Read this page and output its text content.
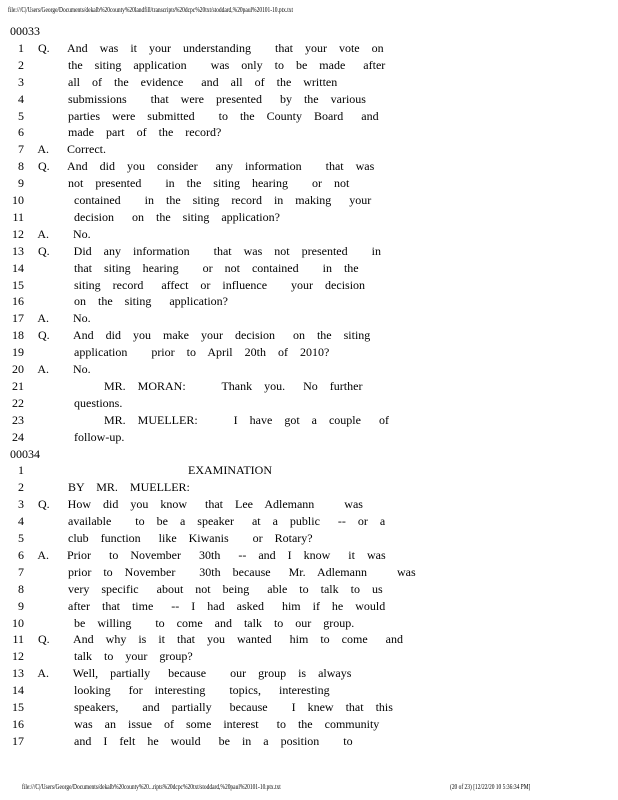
file:///C|/Users/George/Documents/dekalb%20county%20landfill/transcripts%20dcpc%20txt/stoddard,%20paul%20101-10.ptx.txt
00033
1 Q.   And  was  it  your  understanding    that  your  vote  on
2 the  siting  application    was  only  to  be  made   after
3 all  of  the  evidence   and  all  of  the  written
4 submissions    that  were  presented   by  the  various
5 parties  were  submitted    to  the  County  Board   and
6 made  part  of  the  record?
7 A.   Correct.
8 Q.   And  did  you  consider   any  information    that  was
9 not  presented    in  the  siting  hearing    or  not
10 contained    in  the  siting  record  in  making   your
11 decision   on  the  siting  application?
12 A.    No.
13 Q.    Did  any  information    that  was  not  presented    in
14 that  siting  hearing    or  not  contained    in  the
15 siting  record   affect  or  influence    your  decision
16 on  the  siting   application?
17 A.    No.
18 Q.    And  did  you  make  your  decision   on  the  siting
19 application    prior  to  April  20th  of  2010?
20 A.    No.
21 MR.  MORAN:      Thank  you.   No  further
22 questions.
23 MR.  MUELLER:      I  have  got  a  couple   of
24 follow-up.
00034
1 EXAMINATION
2 BY  MR.  MUELLER:
3 Q.   How  did  you  know   that  Lee  Adlemann     was
4 available    to  be  a  speaker   at  a  public   --  or  a
5 club  function   like  Kiwanis    or  Rotary?
6 A.   Prior   to  November   30th   --  and  I  know   it  was
7 prior  to  November    30th  because   Mr.  Adlemann     was
8 very  specific   about  not  being   able  to  talk  to  us
9 after  that  time   --  I  had  asked   him  if  he  would
10 be  willing    to  come  and  talk  to  our  group.
11 Q.    And  why  is  it  that  you  wanted   him  to  come   and
12 talk  to  your  group?
13 A.    Well,  partially   because    our  group  is  always
14 looking   for  interesting    topics,   interesting
15 speakers,    and  partially   because    I  knew  that  this
16 was  an  issue  of  some  interest   to  the  community
17 and  I  felt  he  would   be  in  a  position    to
file:///C|/Users/George/Documents/dekalb%20county%20...ripts%20dcpc%20txt/stoddard,%20paul%20101-10.ptx.txt	(20 of 23) [12/22/20 10 5:36:34 PM]
